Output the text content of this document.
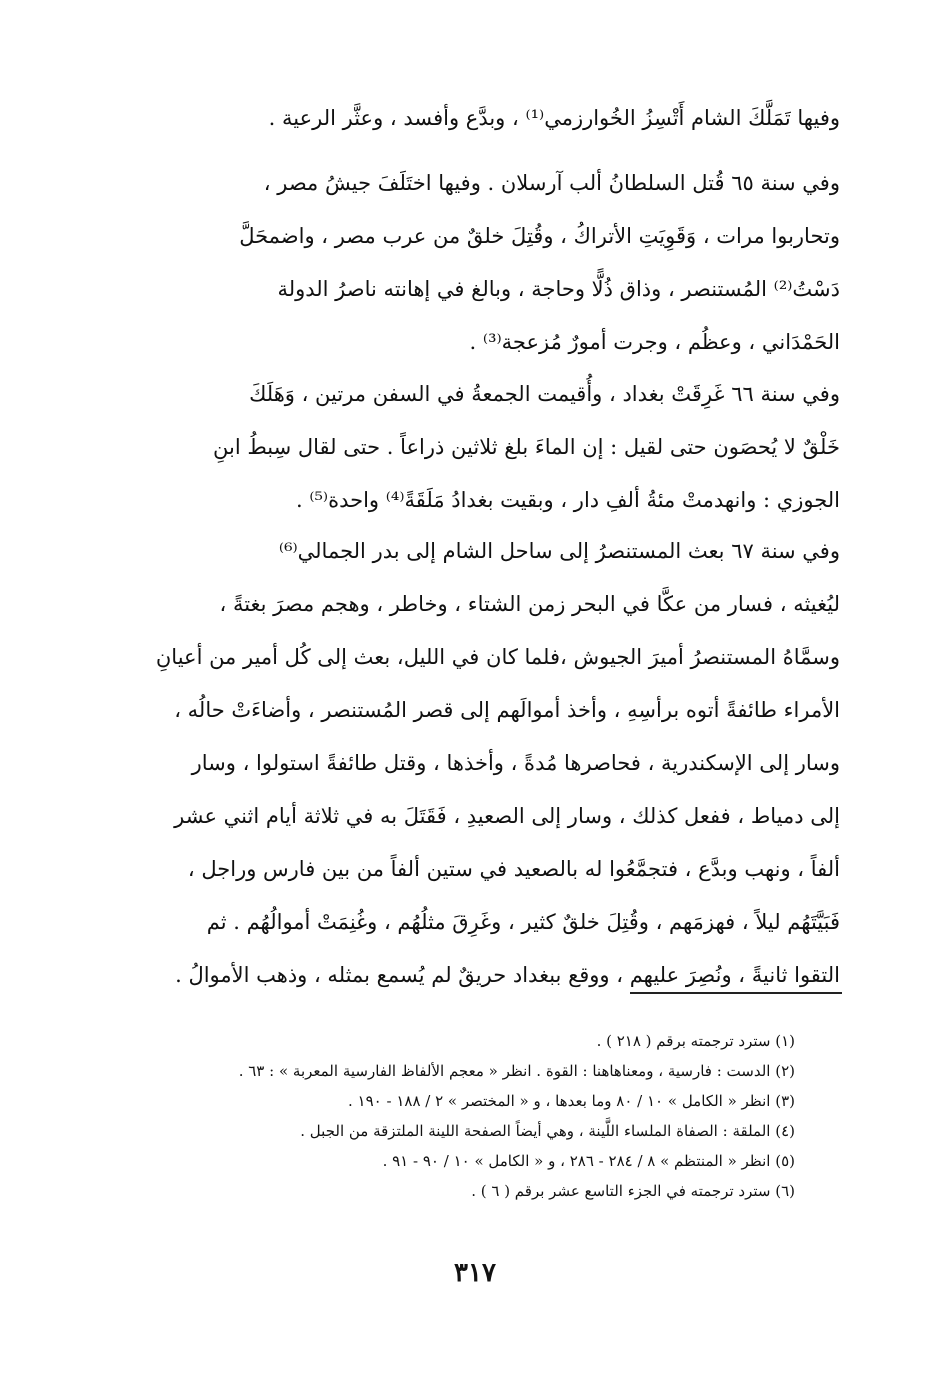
وفيها تَمَلَّكَ الشام أَتْسِزُ الخُوارزمي⁽¹⁾ ، وبدَّع وأفسد ، وعثَّر الرعية .
وفي سنة ٦٥ قُتل السلطانُ ألب آرسلان . وفيها اختَلَفَ جيشُ مصر ،
وتحاربوا مرات ، وَقَوِيَتِ الأتراكُ ، وقُتِلَ خلقٌ من عرب مصر ، واضمحَلَّ
دَسْتُ⁽²⁾ المُستنصر ، وذاق ذُلًّا وحاجة ، وبالغ في إهانته ناصرُ الدولة
الحَمْدَاني ، وعظُم ، وجرت أمورٌ مُزعجة⁽³⁾ .
وفي سنة ٦٦ غَرِقَتْ بغداد ، وأُقيمت الجمعةُ في السفن مرتين ، وَهَلَكَ
خَلْقٌ لا يُحصَون حتى لقيل : إن الماءَ بلغ ثلاثين ذراعاً . حتى لقال سِبطُ ابنِ
الجوزي : وانهدمتْ مئةُ ألفِ دار ، وبقيت بغدادُ مَلَقَةً⁽⁴⁾ واحدة⁽⁵⁾ .
وفي سنة ٦٧ بعث المستنصرُ إلى ساحل الشام إلى بدر الجمالي⁽⁶⁾
ليُغيثه ، فسار من عكَّا في البحر زمن الشتاء ، وخاطر ، وهجم مصرَ بغتةً ،
وسمَّاهُ المستنصرُ أميرَ الجيوش ،فلما كان في الليل، بعث إلى كُل أمير من أعيانِ
الأمراء طائفةً أتوه برأسِهِ ، وأخذ أموالَهم إلى قصر المُستنصر ، وأضاءَتْ حالُه ،
وسار إلى الإسكندرية ، فحاصرها مُدةً ، وأخذها ، وقتل طائفةً استولوا ، وسار
إلى دمياط ، ففعل كذلك ، وسار إلى الصعيدِ ، فَقَتَلَ به في ثلاثة أيام اثني عشر
ألفاً ، ونهب وبدَّع ، فتجمَّعُوا له بالصعيد في ستين ألفاً من بين فارس وراجل ،
فَبَيَّتَهُم ليلاً ، فهزمَهم ، وقُتِلَ خلقٌ كثير ، وغَرِقَ مثلُهُم ، وغُنِمَتْ أموالُهُم . ثم
التقوا ثانيةً ، ونُصِرَ عليهم ، ووقع ببغداد حريقٌ لم يُسمع بمثله ، وذهب الأموالُ .
(١) سترد ترجمته برقم ( ٢١٨ ) .
(٢) الدست : فارسية ، ومعناهاهنا : القوة . انظر « معجم الألفاظ الفارسية المعربة » : ٦٣ .
(٣) انظر « الكامل » ١٠ / ٨٠ وما بعدها ، و « المختصر » ٢ / ١٨٨ - ١٩٠ .
(٤) الملقة : الصفاة الملساء اللَّينة ، وهي أيضاً الصفحة اللينة الملتزقة من الجبل .
(٥) انظر « المنتظم » ٨ / ٢٨٤ - ٢٨٦ ، و « الكامل » ١٠ / ٩٠ - ٩١ .
(٦) سترد ترجمته في الجزء التاسع عشر برقم ( ٦ ) .
٣١٧
